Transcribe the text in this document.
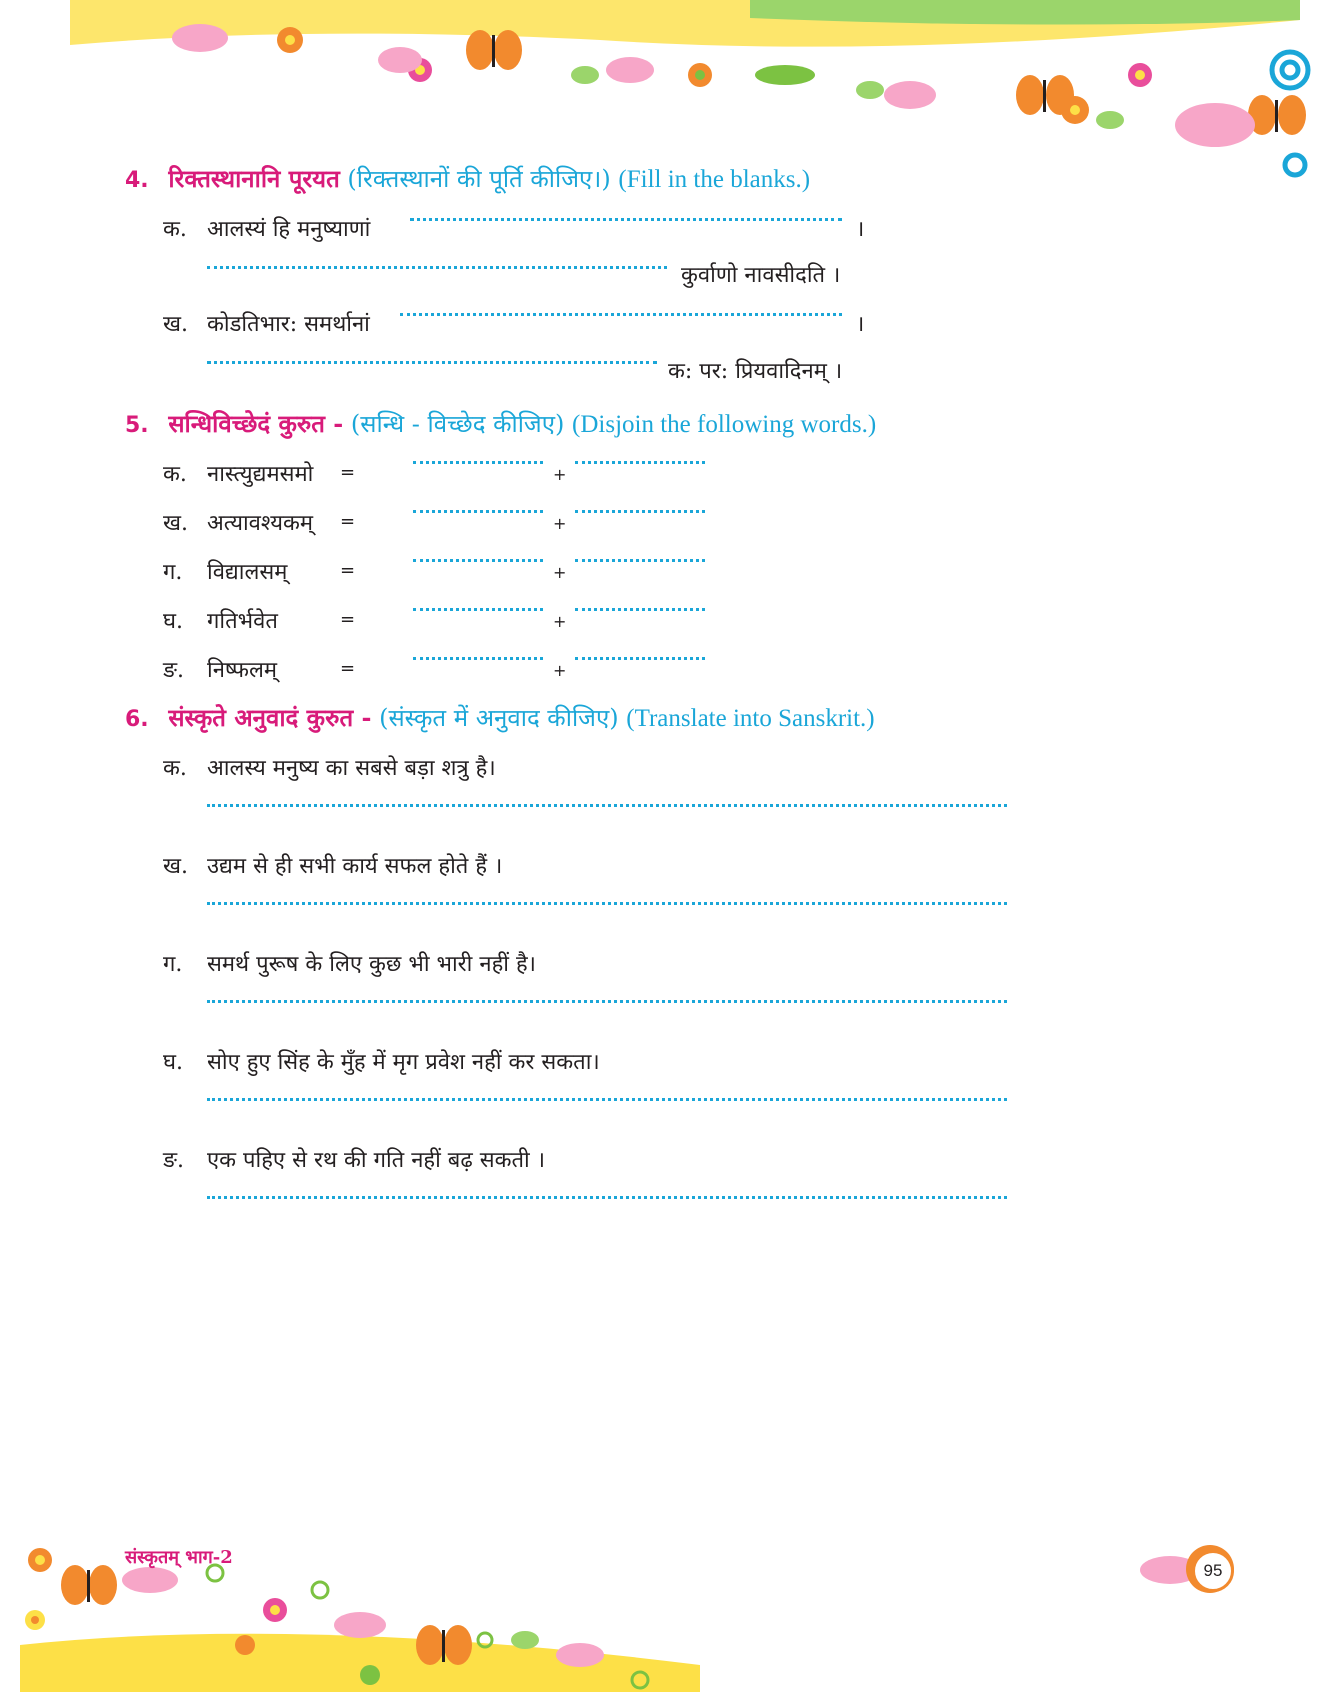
4. रिक्तस्थानानि पूरयत (रिक्तस्थानों की पूर्ति कीजिए।) (Fill in the blanks.)
क. आलस्यं हि मनुष्याणां	।
कुर्वाणो नावसीदति ।
ख. कोडतिभार: समर्थानां	।
क: पर: प्रियवादिनम् ।
5. सन्धिविच्छेदं कुरुत - (सन्धि - विच्छेद कीजिए) (Disjoin the following words.)
क. नास्त्युद्यमसमो =	+
ख. अत्यावश्यकम् =	+
ग. विद्यालसम्	=	+
घ. गतिर्भवेत	=	+
ङ. निष्फलम्	=	+
6. संस्कृते अनुवादं कुरुत - (संस्कृत में अनुवाद कीजिए) (Translate into Sanskrit.)
क. आलस्य मनुष्य का सबसे बड़ा शत्रु है।
ख. उद्यम से ही सभी कार्य सफल होते हैं ।
ग. समर्थ पुरूष के लिए कुछ भी भारी नहीं है।
घ. सोए हुए सिंह के मुँह में मृग प्रवेश नहीं कर सकता।
ङ. एक पहिए से रथ की गति नहीं बढ़ सकती ।
संस्कृतम् भाग-2
95
